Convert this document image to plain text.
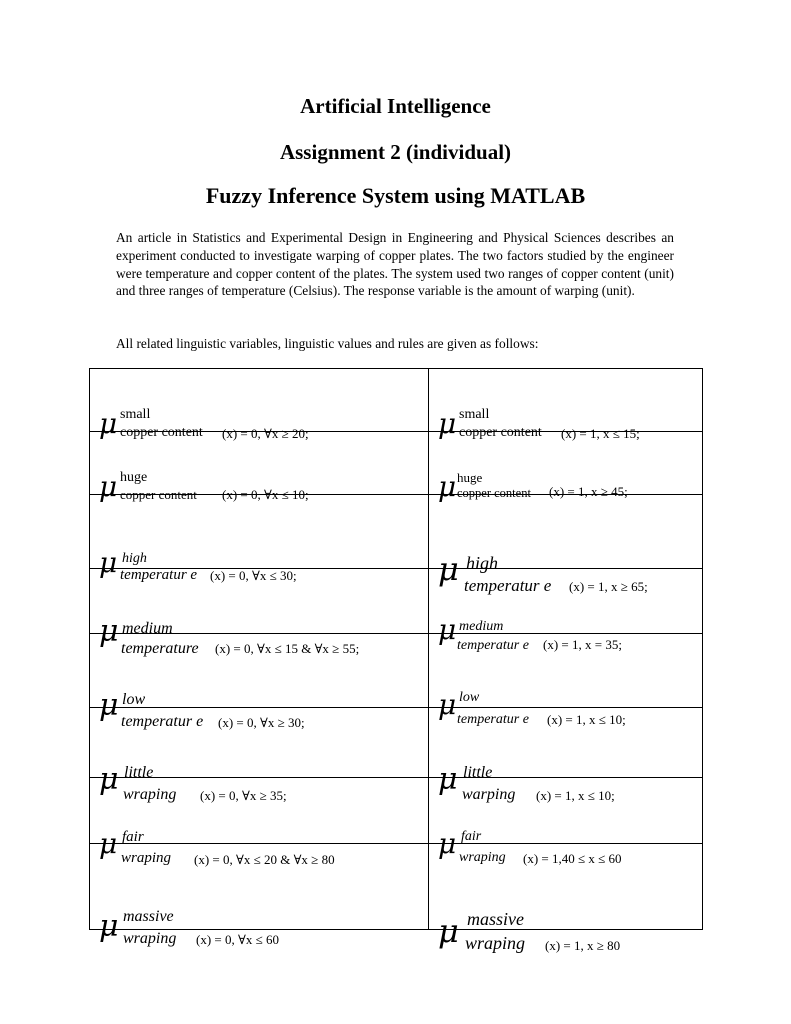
Artificial Intelligence
Assignment 2 (individual)
Fuzzy Inference System using MATLAB
An article in Statistics and Experimental Design in Engineering and Physical Sciences describes an experiment conducted to investigate warping of copper plates. The two factors studied by the engineer were temperature and copper content of the plates. The system used two ranges of copper content (unit) and three ranges of temperature (Celsius). The response variable is the amount of warping (unit).
All related linguistic variables, linguistic values and rules are given as follows:
μ small
copper content (x) = 0, ∀x ≥ 20;	μ small
copper content (x) = 1, x ≤ 15;

μ huge
copper content (x) = 0, ∀x ≤ 10;	μ huge
copper content (x) = 1, x ≥ 45;

μ high
temperatur e (x) = 0, ∀x ≤ 30;	μ high
temperatur e (x) = 1, x ≥ 65;

μ medium
temperature (x) = 0, ∀x ≤ 15 & ∀x ≥ 55;	μ medium
temperatur e (x) = 1, x = 35;

μ low
temperatur e (x) = 0, ∀x ≥ 30;	μ low
temperatur e (x) = 1, x ≤ 10;

μ little
wraping (x) = 0, ∀x ≥ 35;	μ little
warping (x) = 1, x ≤ 10;

μ fair
wraping (x) = 0, ∀x ≤ 20 & ∀x ≥ 80	μ fair
wraping (x) = 1,40 ≤ x ≤ 60

μ massive
wraping (x) = 0, ∀x ≤ 60	μ massive
wraping (x) = 1, x ≥ 80
